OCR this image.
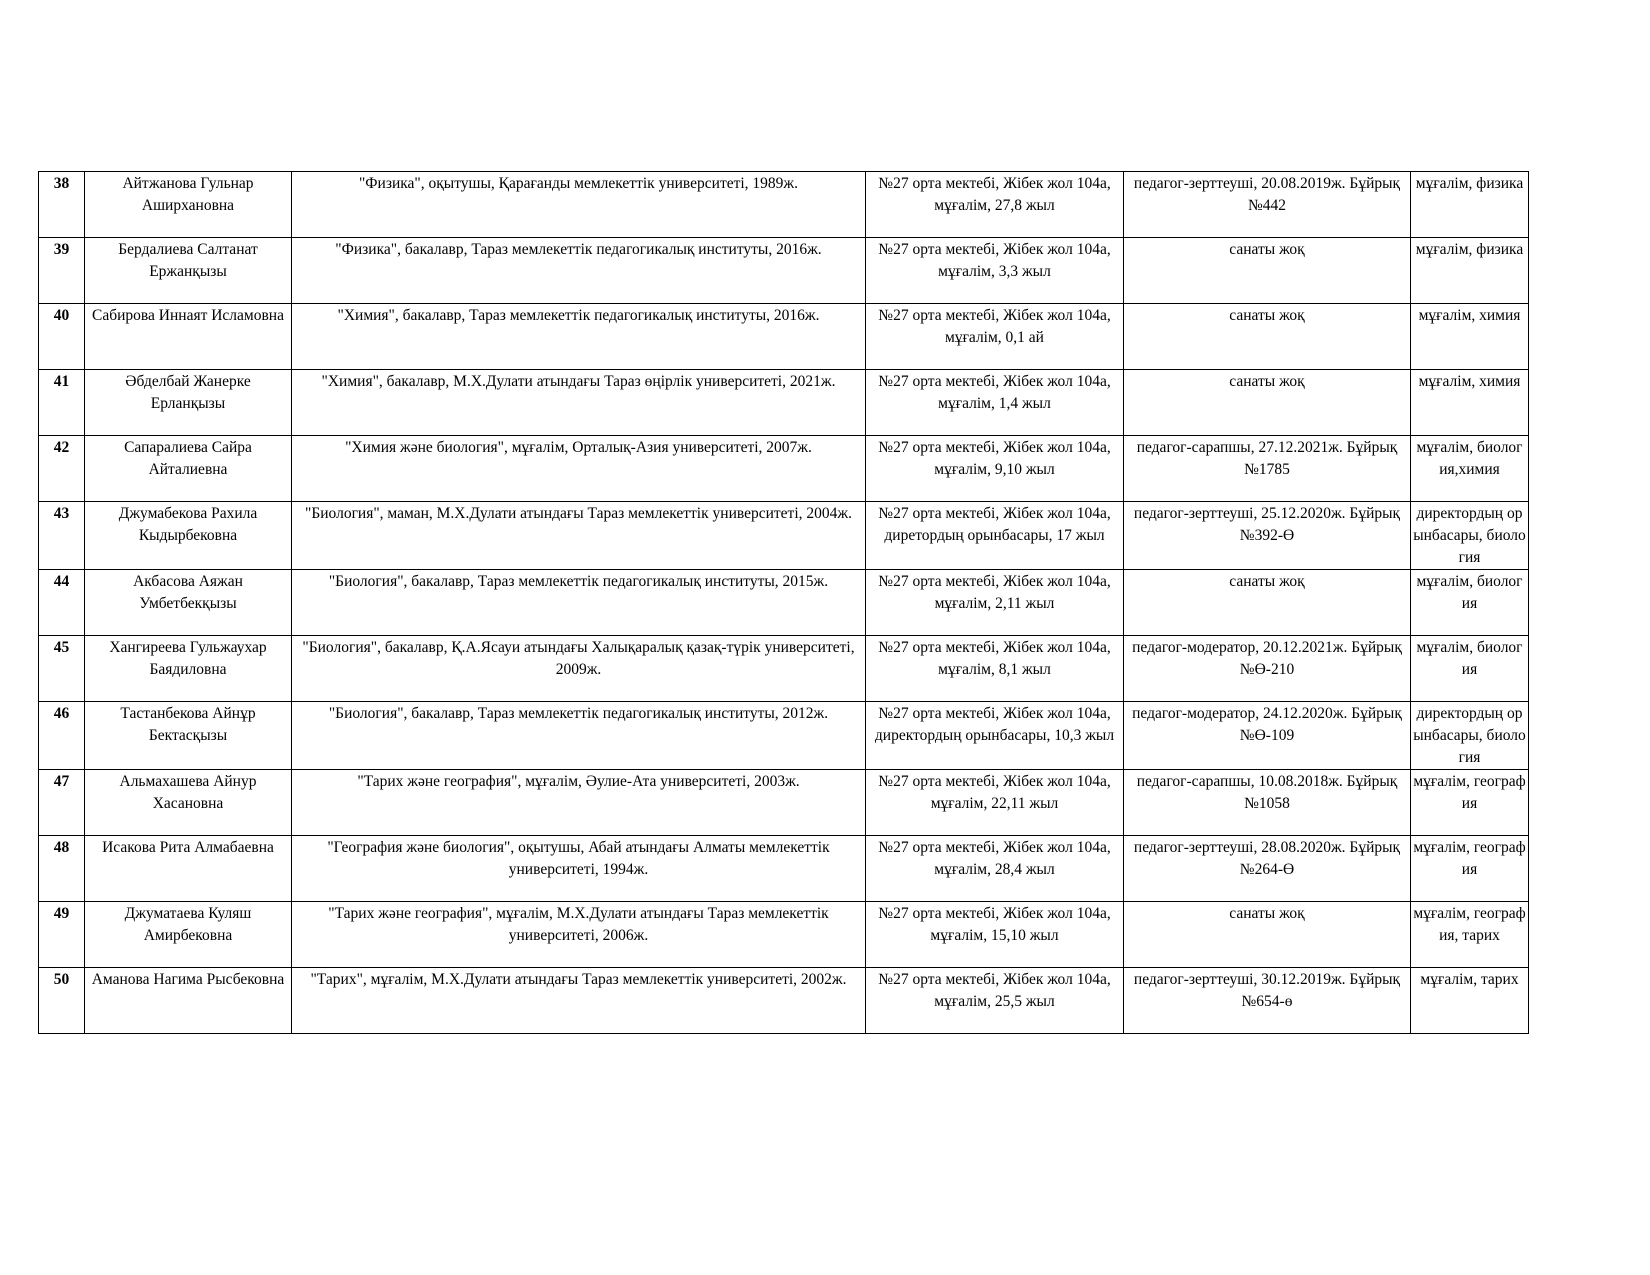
38	Айтжанова Гульнар Аширхановна	"Физика", оқытушы, Қарағанды мемлекеттік университеті, 1989ж.	№27 орта мектебі, Жібек жол 104а, мұғалім, 27,8 жыл	педагог-зерттеуші, 20.08.2019ж. Бұйрық №442	мұғалім, физика
39	Бердалиева Салтанат Ержанқызы	"Физика", бакалавр, Тараз мемлекеттік педагогикалық институты, 2016ж.	№27 орта мектебі, Жібек жол 104а, мұғалім, 3,3 жыл	санаты жоқ	мұғалім, физика
40	Сабирова Иннаят Исламовна	"Химия", бакалавр, Тараз мемлекеттік педагогикалық институты, 2016ж.	№27 орта мектебі, Жібек жол 104а, мұғалім, 0,1 ай	санаты жоқ	мұғалім, химия
41	Әбделбай Жанерке Ерланқызы	"Химия", бакалавр, М.Х.Дулати атындағы Тараз өңірлік университеті, 2021ж.	№27 орта мектебі, Жібек жол 104а, мұғалім, 1,4 жыл	санаты жоқ	мұғалім, химия
42	Сапаралиева Сайра Айталиевна	"Химия және биология", мұғалім, Орталық-Азия университеті, 2007ж.	№27 орта мектебі, Жібек жол 104а, мұғалім, 9,10 жыл	педагог-сарапшы, 27.12.2021ж. Бұйрық №1785	мұғалім, биология,химия
43	Джумабекова Рахила Кыдырбековна	"Биология", маман, М.Х.Дулати атындағы Тараз мемлекеттік университеті, 2004ж.	№27 орта мектебі, Жібек жол 104а, диретордың орынбасары, 17 жыл	педагог-зерттеуші, 25.12.2020ж. Бұйрық №392-Ө	директордың орынбасары, биология
44	Акбасова Аяжан Умбетбекқызы	"Биология", бакалавр, Тараз мемлекеттік педагогикалық институты, 2015ж.	№27 орта мектебі, Жібек жол 104а, мұғалім, 2,11 жыл	санаты жоқ	мұғалім, биология
45	Хангиреева Гульжаухар Баядиловна	"Биология", бакалавр, Қ.А.Ясауи атындағы Халықаралық қазақ-түрік университеті, 2009ж.	№27 орта мектебі, Жібек жол 104а, мұғалім, 8,1 жыл	педагог-модератор, 20.12.2021ж. Бұйрық №Ө-210	мұғалім, биология
46	Тастанбекова Айнұр Бектасқызы	"Биология", бакалавр, Тараз мемлекеттік педагогикалық институты, 2012ж.	№27 орта мектебі, Жібек жол 104а, директордың орынбасары, 10,3 жыл	педагог-модератор, 24.12.2020ж. Бұйрық №Ө-109	директордың орынбасары, биология
47	Альмахашева Айнур Хасановна	"Тарих және география", мұғалім, Әулие-Ата университеті, 2003ж.	№27 орта мектебі, Жібек жол 104а, мұғалім, 22,11 жыл	педагог-сарапшы, 10.08.2018ж. Бұйрық №1058	мұғалім, география
48	Исакова Рита Алмабаевна	"География және биология", оқытушы, Абай атындағы Алматы мемлекеттік университеті, 1994ж.	№27 орта мектебі, Жібек жол 104а, мұғалім, 28,4 жыл	педагог-зерттеуші, 28.08.2020ж. Бұйрық №264-Ө	мұғалім, география
49	Джуматаева Куляш Амирбековна	"Тарих және география", мұғалім, М.Х.Дулати атындағы Тараз мемлекеттік университеті, 2006ж.	№27 орта мектебі, Жібек жол 104а, мұғалім, 15,10 жыл	санаты жоқ	мұғалім, география, тарих
50	Аманова Нагима Рысбековна	"Тарих", мұғалім, М.Х.Дулати атындағы Тараз мемлекеттік университеті, 2002ж.	№27 орта мектебі, Жібек жол 104а, мұғалім, 25,5 жыл	педагог-зерттеуші, 30.12.2019ж. Бұйрық №654-ө	мұғалім, тарих
